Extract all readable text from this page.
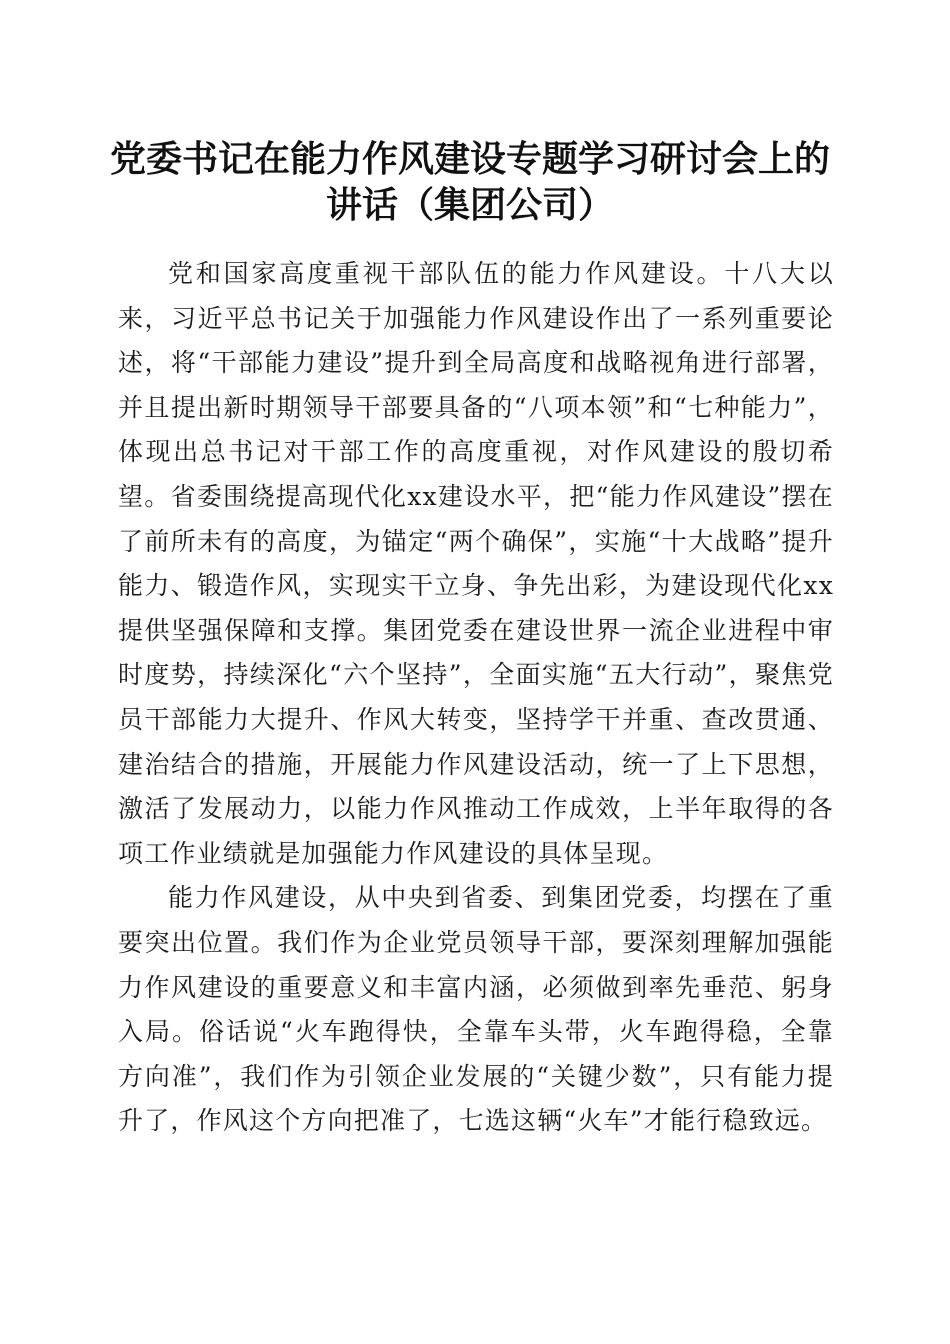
党委书记在能力作风建设专题学习研讨会上的
讲话（集团公司）

党和国家高度重视干部队伍的能力作风建设。十八大以来，习近平总书记关于加强能力作风建设作出了一系列重要论述，将“干部能力建设”提升到全局高度和战略视角进行部署，并且提出新时期领导干部要具备的“八项本领”和“七种能力”，体现出总书记对干部工作的高度重视，对作风建设的殷切希望。省委围绕提高现代化xx建设水平，把“能力作风建设”摆在了前所未有的高度，为锚定“两个确保”，实施“十大战略”提升能力、锻造作风，实现实干立身、争先出彩，为建设现代化xx提供坚强保障和支撑。集团党委在建设世界一流企业进程中审时度势，持续深化“六个坚持”，全面实施“五大行动”，聚焦党员干部能力大提升、作风大转变，坚持学干并重、查改贯通、建治结合的措施，开展能力作风建设活动，统一了上下思想，激活了发展动力，以能力作风推动工作成效，上半年取得的各项工作业绩就是加强能力作风建设的具体呈现。

能力作风建设，从中央到省委、到集团党委，均摆在了重要突出位置。我们作为企业党员领导干部，要深刻理解加强能力作风建设的重要意义和丰富内涵，必须做到率先垂范、躬身入局。俗话说“火车跑得快，全靠车头带，火车跑得稳，全靠方向准”，我们作为引领企业发展的“关键少数”，只有能力提升了，作风这个方向把准了，七选这辆“火车”才能行稳致远。
